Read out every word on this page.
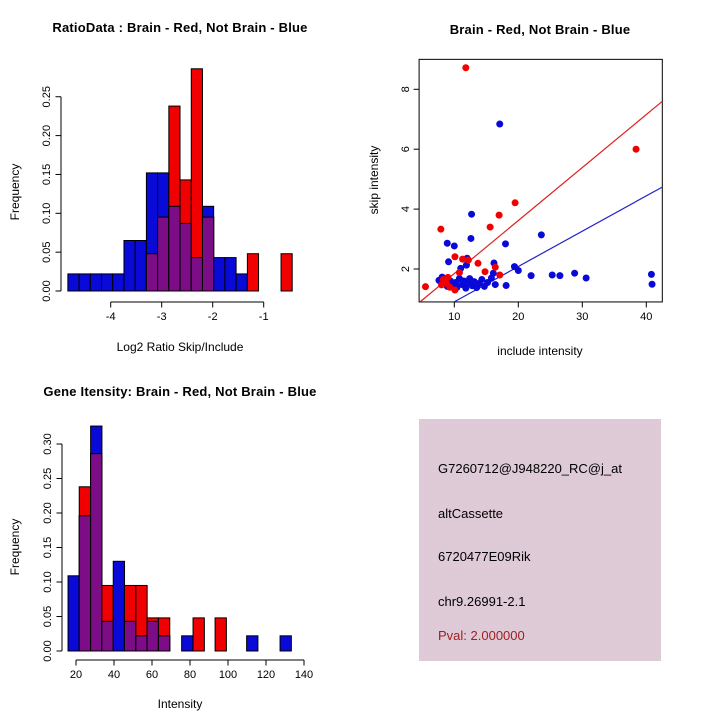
RatioData : Brain - Red, Not Brain - Blue	Brain - Red, Not Brain - Blue
Gene Itensity: Brain - Red, Not Brain - Blue
Log2 Ratio Skip/Include	include intensity
Intensity
Frequency	skip intensity
Frequency
0.00
0.05
0.10
0.15
0.20
0.25
-4	-3	-2	-1	10	20	30	40
2
4
6
8
0.00
0.05
0.10
0.15
0.20
0.25
0.30
20 40 60 80 100 120 140
G7260712@J948220_RC@j_at
altCassette
6720477E09Rik
chr9.26991-2.1
Pval: 2.000000
